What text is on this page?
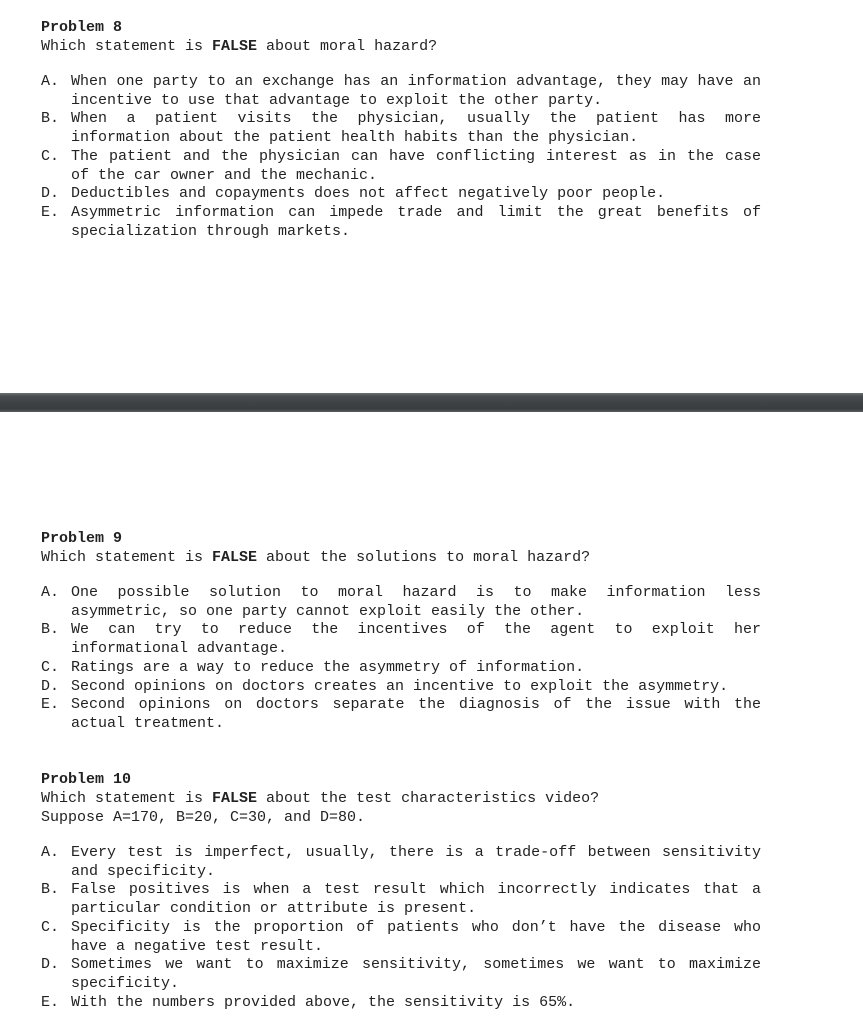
Problem 8
Which statement is FALSE about moral hazard?
A. When one party to an exchange has an information advantage, they may have an incentive to use that advantage to exploit the other party.
B. When a patient visits the physician, usually the patient has more information about the patient health habits than the physician.
C. The patient and the physician can have conflicting interest as in the case of the car owner and the mechanic.
D. Deductibles and copayments does not affect negatively poor people.
E. Asymmetric information can impede trade and limit the great benefits of specialization through markets.
Problem 9
Which statement is FALSE about the solutions to moral hazard?
A. One possible solution to moral hazard is to make information less asymmetric, so one party cannot exploit easily the other.
B. We can try to reduce the incentives of the agent to exploit her informational advantage.
C. Ratings are a way to reduce the asymmetry of information.
D. Second opinions on doctors creates an incentive to exploit the asymmetry.
E. Second opinions on doctors separate the diagnosis of the issue with the actual treatment.
Problem 10
Which statement is FALSE about the test characteristics video?
Suppose A=170, B=20, C=30, and D=80.
A. Every test is imperfect, usually, there is a trade-off between sensitivity and specificity.
B. False positives is when a test result which incorrectly indicates that a particular condition or attribute is present.
C. Specificity is the proportion of patients who don’t have the disease who have a negative test result.
D. Sometimes we want to maximize sensitivity, sometimes we want to maximize specificity.
E. With the numbers provided above, the sensitivity is 65%.
